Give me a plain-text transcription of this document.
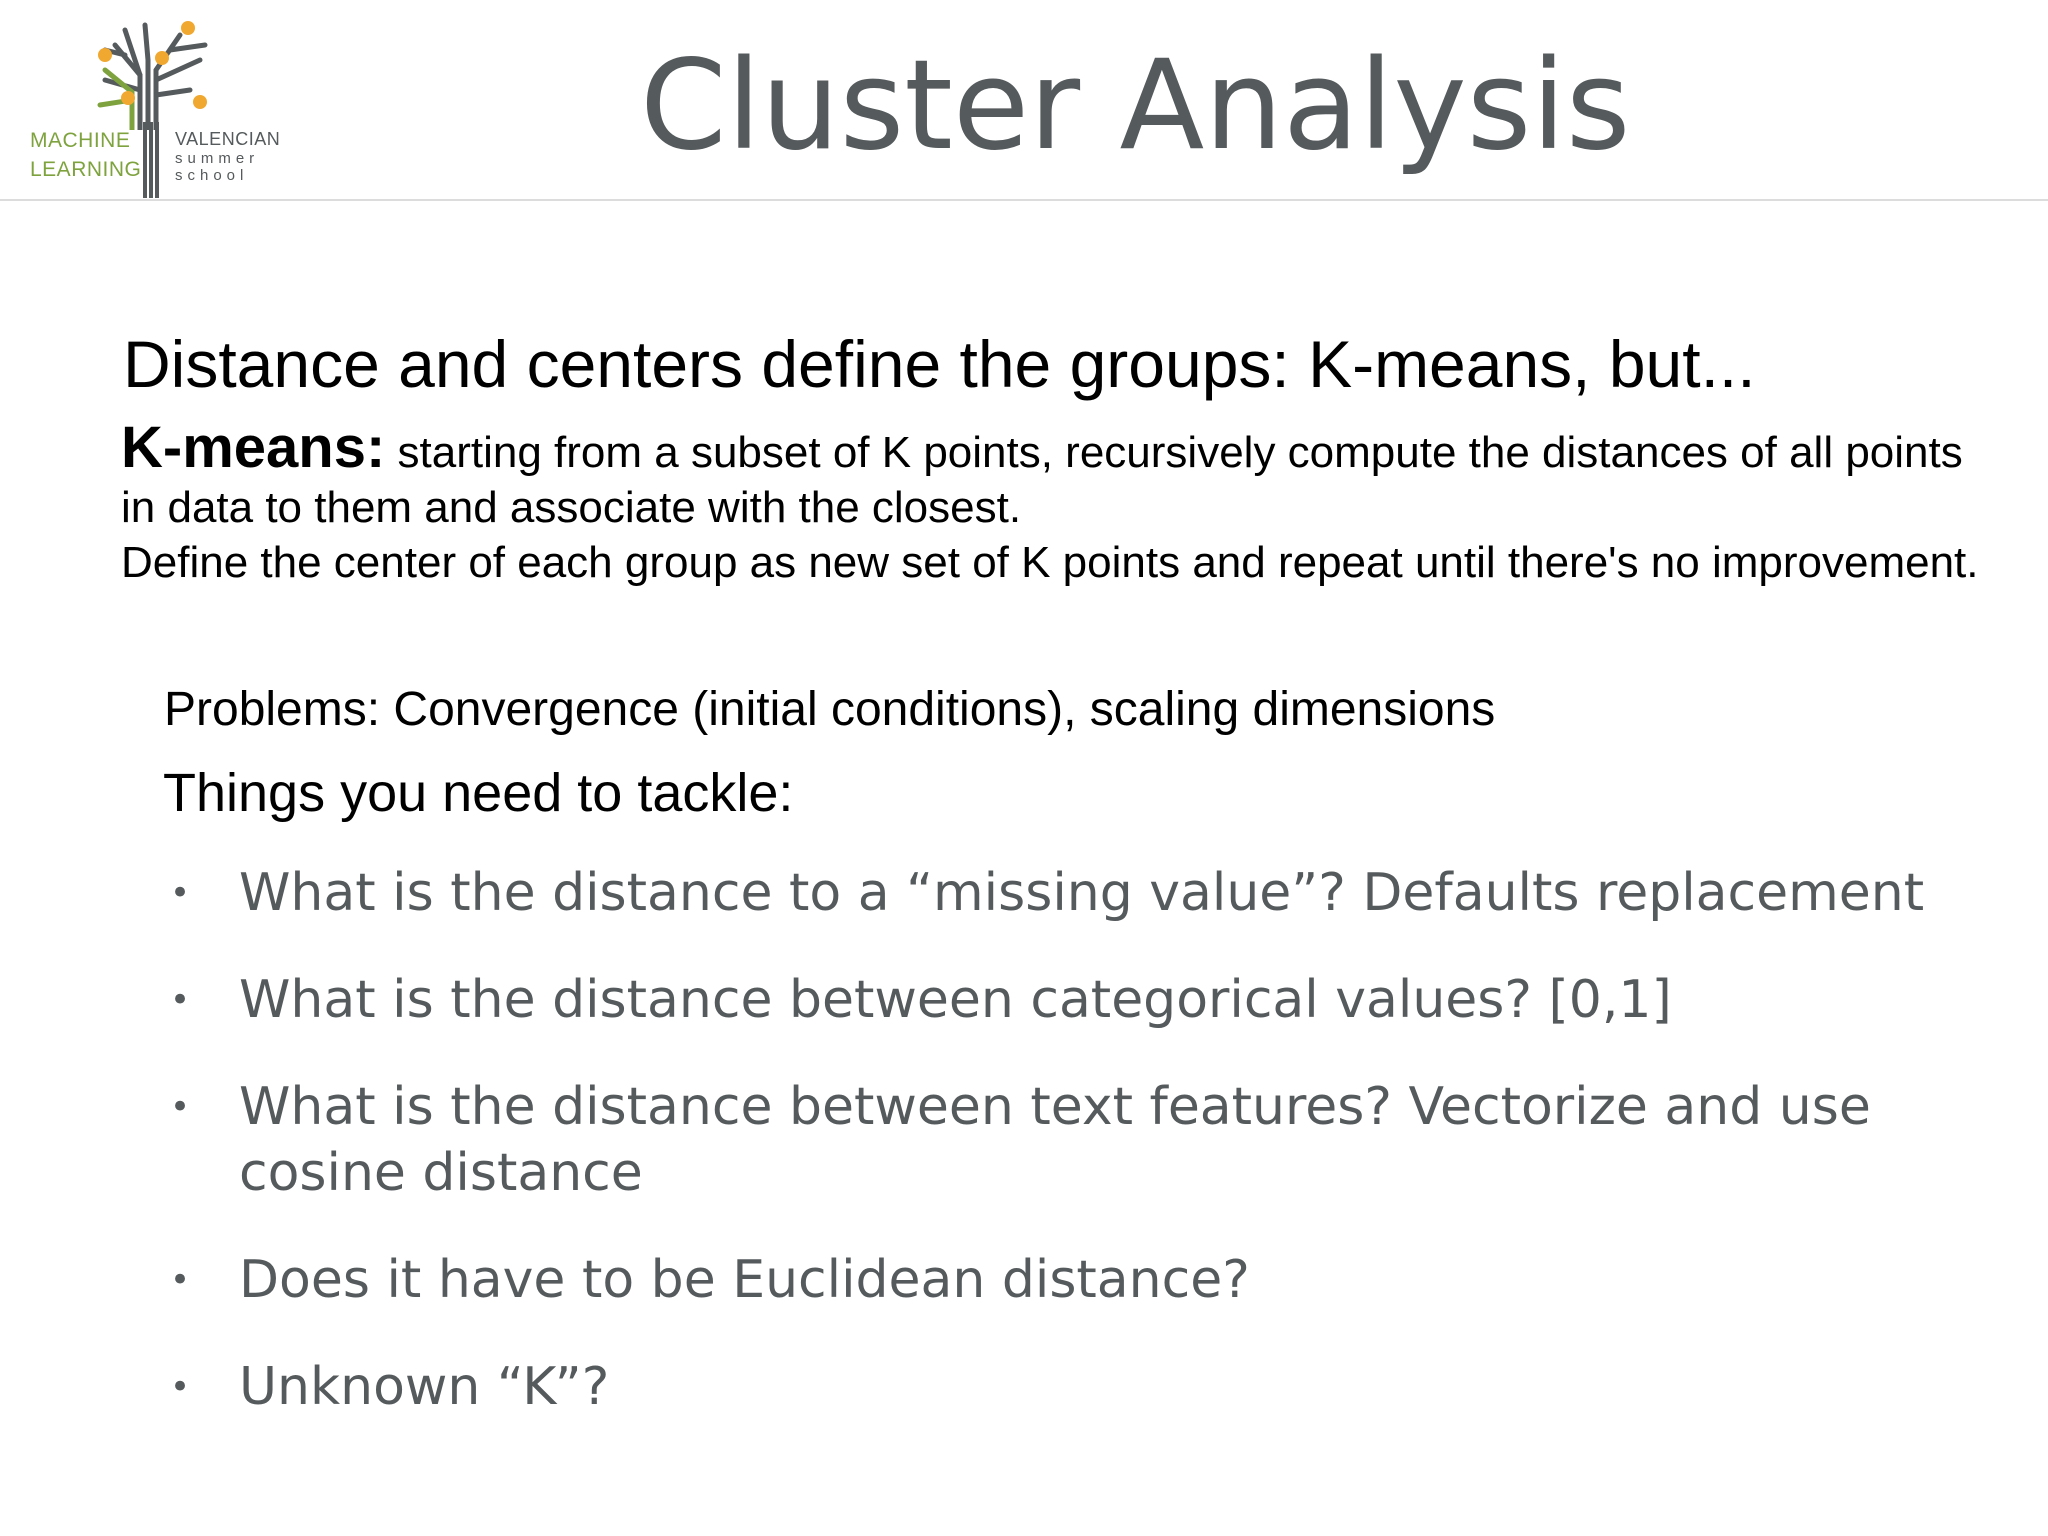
MACHINE
LEARNING
VALENCIAN
summer
school	Cluster Analysis
Distance and centers define the groups: K-means, but...
K-means: starting from a subset of K points, recursively compute the distances of all points in data to them and associate with the closest.
Define the center of each group as new set of K points and repeat until there's no improvement.
Problems: Convergence (initial conditions), scaling dimensions
Things you need to tackle:
• What is the distance to a “missing value”? Defaults replacement
• What is the distance between categorical values? [0,1]
• What is the distance between text features? Vectorize and use cosine distance
• Does it have to be Euclidean distance?
• Unknown “K”?
